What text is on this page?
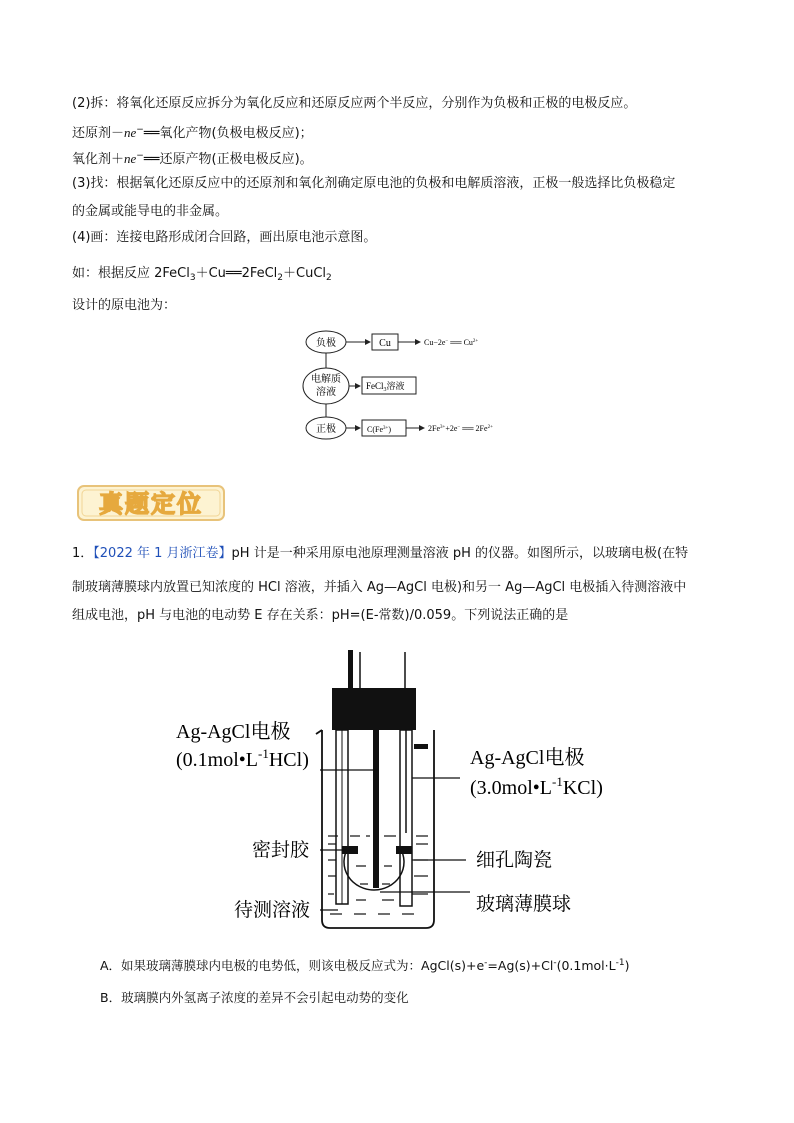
(2)拆：将氧化还原反应拆分为氧化反应和还原反应两个半反应，分别作为负极和正极的电极反应。
还原剂－ne−══氧化产物(负极电极反应)；
氧化剂＋ne−══还原产物(正极电极反应)。
(3)找：根据氧化还原反应中的还原剂和氧化剂确定原电池的负极和电解质溶液，正极一般选择比负极稳定
的金属或能导电的非金属。
(4)画：连接电路形成闭合回路，画出原电池示意图。
如：根据反应 2FeCl$_3$＋Cu══2FeCl$_2$＋CuCl$_2$
设计的原电池为：
负极
电解质
溶液
正极
Cu	Cu−2e− ══ $Cu^{2+}$
FeCl$_3$溶液
$C(Fe^{3+})$	$2Fe^{3+}+2e^-$ ══ $2Fe^{2+}$
真题定位
1．【2022 年 1 月浙江卷】pH 计是一种采用原电池原理测量溶液 pH 的仪器。如图所示，以玻璃电极(在特
制玻璃薄膜球内放置已知浓度的 HCl 溶液，并插入 Ag—AgCl 电极)和另一 Ag—AgCl 电极插入待测溶液中
组成电池，pH 与电池的电动势 E 存在关系：pH=(E-常数)/0.059。下列说法正确的是
Ag-AgCl电极
$(0.1mol•L^{-1}HCl)$	Ag-AgCl电极
$(3.0mol•L^{-1}KCl)$
密封胶	细孔陶瓷
待测溶液	玻璃薄膜球
A．如果玻璃薄膜球内电极的电势低，则该电极反应式为：$AgCl(s)+e^-=Ag(s)+Cl^-(0.1mol\cdot L^{-1})$
B．玻璃膜内外氢离子浓度的差异不会引起电动势的变化
